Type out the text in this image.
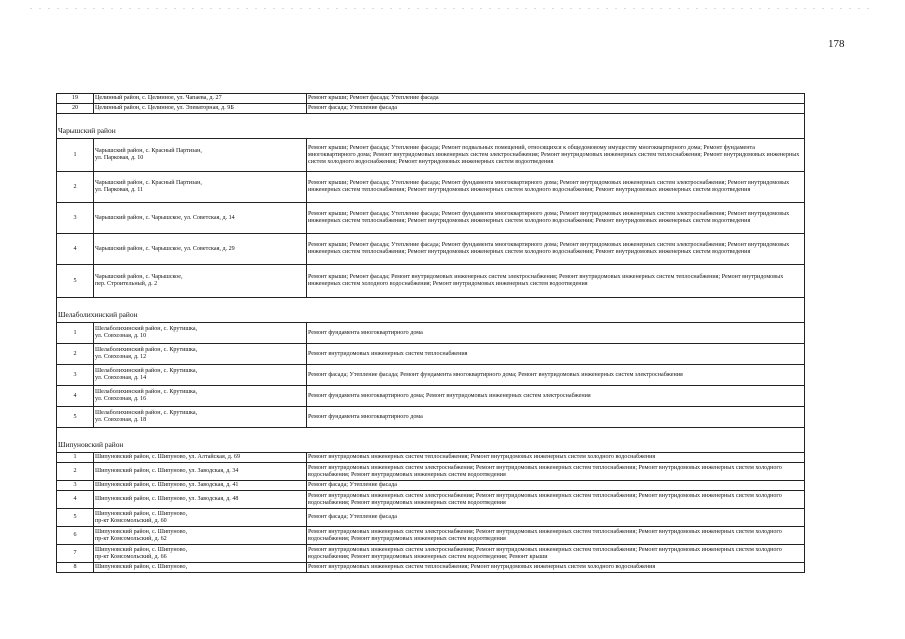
178
19	Целинный район, с. Целинное, ул. Чапаева, д. 27	Ремонт крыши; Ремонт фасада; Утепление фасада
20	Целинный район, с. Целинное, ул. Элеваторная, д. 9Б	Ремонт фасада; Утепление фасада

Чарышский район		
1	Чарышский район, с. Красный Партизан,
ул. Парковая, д. 10	Ремонт крыши; Ремонт фасада; Утепление фасада; Ремонт подвальных помещений, относящихся к общедомовому имуществу многоквартирного дома; Ремонт фундамента многоквартирного дома; Ремонт внутридомовых инженерных систем электроснабжения; Ремонт внутридомовых инженерных систем теплоснабжения; Ремонт внутридомовых инженерных систем холодного водоснабжения; Ремонт внутридомовых инженерных систем водоотведения
2	Чарышский район, с. Красный Партизан,
ул. Парковая, д. 11	Ремонт крыши; Ремонт фасада; Утепление фасада; Ремонт фундамента многоквартирного дома; Ремонт внутридомовых инженерных систем электроснабжения; Ремонт внутридомовых инженерных систем теплоснабжения; Ремонт внутридомовых инженерных систем холодного водоснабжения; Ремонт внутридомовых инженерных систем водоотведения
3	Чарышский район, с. Чарышское, ул. Советская, д. 14	Ремонт крыши; Ремонт фасада; Утепление фасада; Ремонт фундамента многоквартирного дома; Ремонт внутридомовых инженерных систем электроснабжения; Ремонт внутридомовых инженерных систем теплоснабжения; Ремонт внутридомовых инженерных систем холодного водоснабжения; Ремонт внутридомовых инженерных систем водоотведения
4	Чарышский район, с. Чарышское, ул. Советская, д. 29	Ремонт крыши; Ремонт фасада; Утепление фасада; Ремонт фундамента многоквартирного дома; Ремонт внутридомовых инженерных систем электроснабжения; Ремонт внутридомовых инженерных систем теплоснабжения; Ремонт внутридомовых инженерных систем холодного водоснабжения; Ремонт внутридомовых инженерных систем водоотведения
5	Чарышский район, с. Чарышское,
пер. Строительный, д. 2	Ремонт крыши; Ремонт фасада; Ремонт внутридомовых инженерных систем электроснабжения; Ремонт внутридомовых инженерных систем теплоснабжения; Ремонт внутридомовых инженерных систем холодного водоснабжения; Ремонт внутридомовых инженерных систем водоотведения

Шелаболихинский район		
1	Шелаболихинский район, с. Крутишка,
ул. Совхозная, д. 10	Ремонт фундамента многоквартирного дома
2	Шелаболихинский район, с. Крутишка,
ул. Совхозная, д. 12	Ремонт внутридомовых инженерных систем теплоснабжения
3	Шелаболихинский район, с. Крутишка,
ул. Совхозная, д. 14	Ремонт фасада; Утепление фасада; Ремонт фундамента многоквартирного дома; Ремонт внутридомовых инженерных систем электроснабжения
4	Шелаболихинский район, с. Крутишка,
ул. Совхозная, д. 16	Ремонт фундамента многоквартирного дома; Ремонт внутридомовых инженерных систем электроснабжения
5	Шелаболихинский район, с. Крутишка,
ул. Совхозная, д. 18	Ремонт фундамента многоквартирного дома

Шипуновский район		
1	Шипуновский район, с. Шипуново, ул. Алтайская, д. 69	Ремонт внутридомовых инженерных систем теплоснабжения; Ремонт внутридомовых инженерных систем холодного водоснабжения
2	Шипуновский район, с. Шипуново, ул. Заводская, д. 34	Ремонт внутридомовых инженерных систем электроснабжения; Ремонт внутридомовых инженерных систем теплоснабжения; Ремонт внутридомовых инженерных систем холодного водоснабжения; Ремонт внутридомовых инженерных систем водоотведения
3	Шипуновский район, с. Шипуново, ул. Заводская, д. 41	Ремонт фасада; Утепление фасада
4	Шипуновский район, с. Шипуново, ул. Заводская, д. 48	Ремонт внутридомовых инженерных систем электроснабжения; Ремонт внутридомовых инженерных систем теплоснабжения; Ремонт внутридомовых инженерных систем холодного водоснабжения; Ремонт внутридомовых инженерных систем водоотведения
5	Шипуновский район, с. Шипуново,
пр-кт Комсомольский, д. 60	Ремонт фасада; Утепление фасада
6	Шипуновский район, с. Шипуново,
пр-кт Комсомольский, д. 62	Ремонт внутридомовых инженерных систем электроснабжения; Ремонт внутридомовых инженерных систем теплоснабжения; Ремонт внутридомовых инженерных систем холодного водоснабжения; Ремонт внутридомовых инженерных систем водоотведения
7	Шипуновский район, с. Шипуново,
пр-кт Комсомольский, д. 66	Ремонт внутридомовых инженерных систем электроснабжения; Ремонт внутридомовых инженерных систем теплоснабжения; Ремонт внутридомовых инженерных систем холодного водоснабжения; Ремонт внутридомовых инженерных систем водоотведения; Ремонт крыши
8	Шипуновский район, с. Шипуново,	Ремонт внутридомовых инженерных систем теплоснабжения; Ремонт внутридомовых инженерных систем холодного водоснабжения
